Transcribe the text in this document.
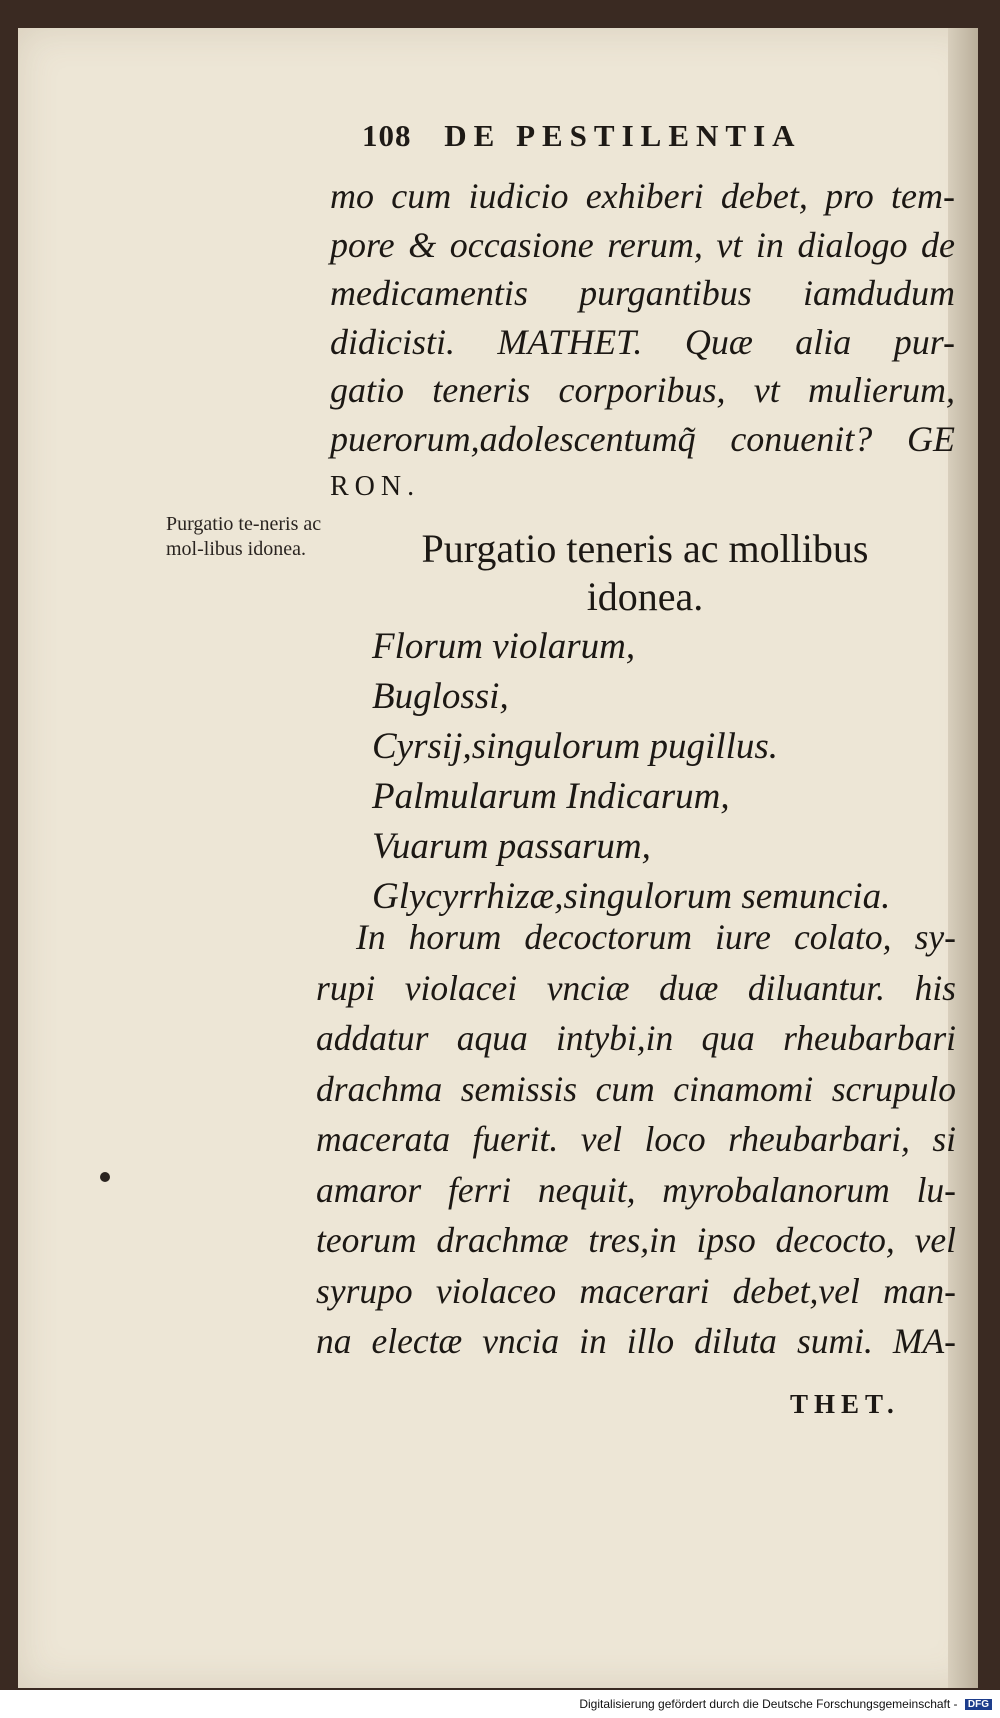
108 DE PESTILENTIA
mo cum iudicio exhiberi debet, pro tem-
pore & occasione rerum, vt in dialogo de
medicamentis purgantibus iamdudum
didicisti. MATHET. Quæ alia pur-
gatio teneris corporibus, vt mulierum,
puerorum,adolescentumq̃ conuenit? GE
RON.
Purgatio te-neris ac mol-libus idonea.	Purgatio teneris ac mollibus idonea.
Florum violarum,
Buglossi,
Cyrsij,singulorum pugillus.
Palmularum Indicarum,
Vuarum passarum,
Glycyrrhizæ,singulorum semuncia.
In horum decoctorum iure colato, sy-
rupi violacei vnciæ duæ diluantur. his
addatur aqua intybi,in qua rheubarbari
drachma semissis cum cinamomi scrupulo
macerata fuerit. vel loco rheubarbari, si
amaror ferri nequit, myrobalanorum lu-
teorum drachmæ tres,in ipso decocto, vel
syrupo violaceo macerari debet,vel man-
na electæ vncia in illo diluta sumi. MA-
THET.
Digitalisierung gefördert durch die Deutsche Forschungsgemeinschaft - DFG
